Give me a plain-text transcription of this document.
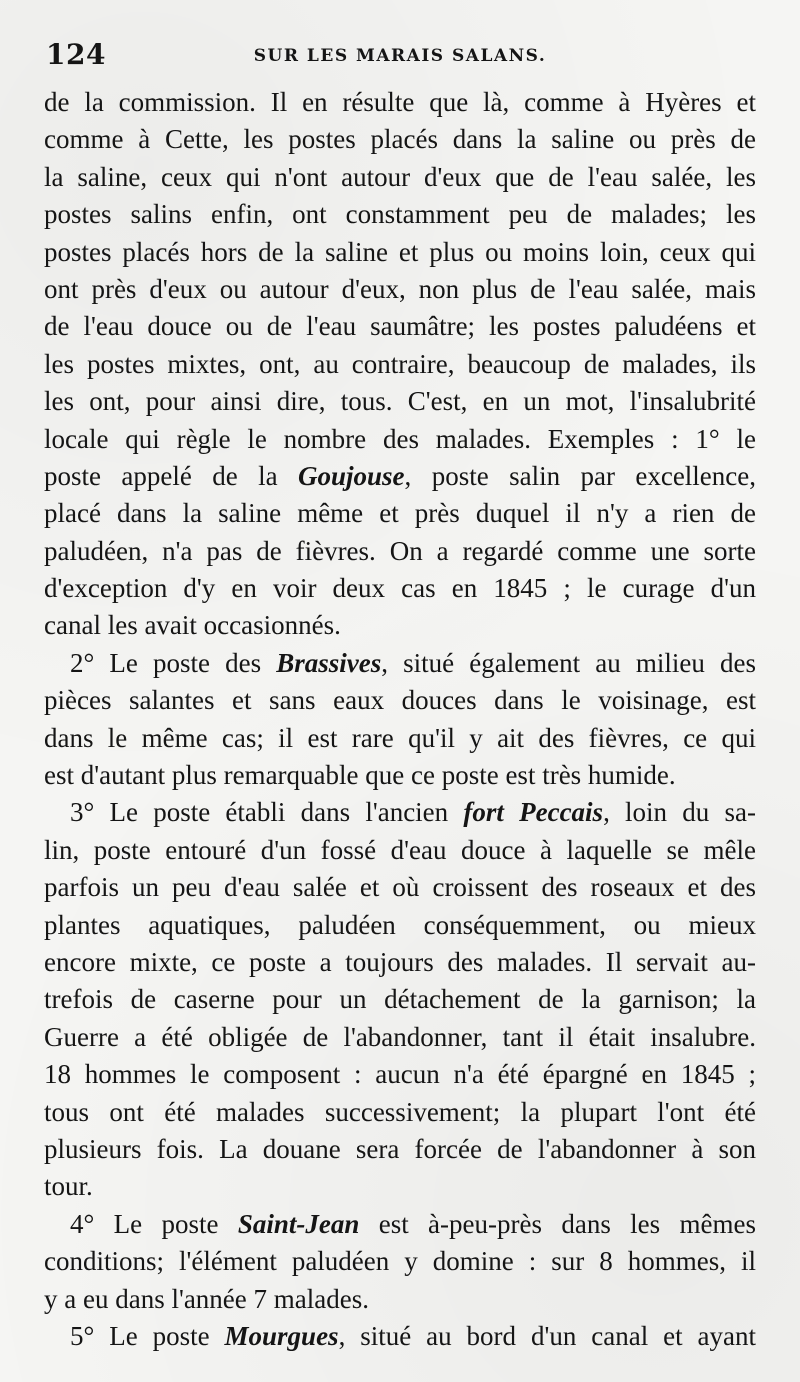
124	SUR LES MARAIS SALANS.
de la commission. Il en résulte que là, comme à Hyères et
comme à Cette, les postes placés dans la saline ou près de
la saline, ceux qui n'ont autour d'eux que de l'eau salée, les
postes salins enfin, ont constamment peu de malades; les
postes placés hors de la saline et plus ou moins loin, ceux qui
ont près d'eux ou autour d'eux, non plus de l'eau salée, mais
de l'eau douce ou de l'eau saumâtre; les postes paludéens et
les postes mixtes, ont, au contraire, beaucoup de malades, ils
les ont, pour ainsi dire, tous. C'est, en un mot, l'insalubrité
locale qui règle le nombre des malades. Exemples : 1° le
poste appelé de la Goujouse, poste salin par excellence,
placé dans la saline même et près duquel il n'y a rien de
paludéen, n'a pas de fièvres. On a regardé comme une sorte
d'exception d'y en voir deux cas en 1845 ; le curage d'un
canal les avait occasionnés.
2° Le poste des Brassives, situé également au milieu des
pièces salantes et sans eaux douces dans le voisinage, est
dans le même cas; il est rare qu'il y ait des fièvres, ce qui
est d'autant plus remarquable que ce poste est très humide.
3° Le poste établi dans l'ancien fort Peccais, loin du sa-
lin, poste entouré d'un fossé d'eau douce à laquelle se mêle
parfois un peu d'eau salée et où croissent des roseaux et des
plantes aquatiques, paludéen conséquemment, ou mieux
encore mixte, ce poste a toujours des malades. Il servait au-
trefois de caserne pour un détachement de la garnison; la
Guerre a été obligée de l'abandonner, tant il était insalubre.
18 hommes le composent : aucun n'a été épargné en 1845 ;
tous ont été malades successivement; la plupart l'ont été
plusieurs fois. La douane sera forcée de l'abandonner à son
tour.
4° Le poste Saint-Jean est à-peu-près dans les mêmes
conditions; l'élément paludéen y domine : sur 8 hommes, il
y a eu dans l'année 7 malades.
5° Le poste Mourgues, situé au bord d'un canal et ayant
